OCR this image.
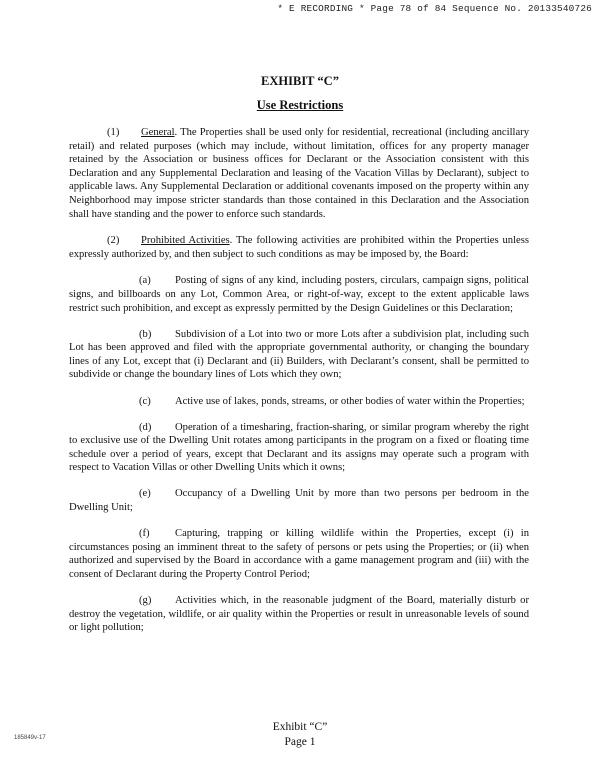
* E RECORDING * Page 78 of 84 Sequence No. 20133540726
EXHIBIT “C”
Use Restrictions

(1) General. The Properties shall be used only for residential, recreational (including ancillary retail) and related purposes (which may include, without limitation, offices for any property manager retained by the Association or business offices for Declarant or the Association consistent with this Declaration and any Supplemental Declaration and leasing of the Vacation Villas by Declarant), subject to applicable laws. Any Supplemental Declaration or additional covenants imposed on the property within any Neighborhood may impose stricter standards than those contained in this Declaration and the Association shall have standing and the power to enforce such standards.

(2) Prohibited Activities. The following activities are prohibited within the Properties unless expressly authorized by, and then subject to such conditions as may be imposed by, the Board:

(a) Posting of signs of any kind, including posters, circulars, campaign signs, political signs, and billboards on any Lot, Common Area, or right-of-way, except to the extent applicable laws restrict such prohibition, and except as expressly permitted by the Design Guidelines or this Declaration;

(b) Subdivision of a Lot into two or more Lots after a subdivision plat, including such Lot has been approved and filed with the appropriate governmental authority, or changing the boundary lines of any Lot, except that (i) Declarant and (ii) Builders, with Declarant’s consent, shall be permitted to subdivide or change the boundary lines of Lots which they own;

(c) Active use of lakes, ponds, streams, or other bodies of water within the Properties;

(d) Operation of a timesharing, fraction-sharing, or similar program whereby the right to exclusive use of the Dwelling Unit rotates among participants in the program on a fixed or floating time schedule over a period of years, except that Declarant and its assigns may operate such a program with respect to Vacation Villas or other Dwelling Units which it owns;

(e) Occupancy of a Dwelling Unit by more than two persons per bedroom in the Dwelling Unit;

(f) Capturing, trapping or killing wildlife within the Properties, except (i) in circumstances posing an imminent threat to the safety of persons or pets using the Properties; or (ii) when authorized and supervised by the Board in accordance with a game management program and (iii) with the consent of Declarant during the Property Control Period;

(g) Activities which, in the reasonable judgment of the Board, materially disturb or destroy the vegetation, wildlife, or air quality within the Properties or result in unreasonable levels of sound or light pollution;

Exhibit “C”
Page 1
185849v-17
